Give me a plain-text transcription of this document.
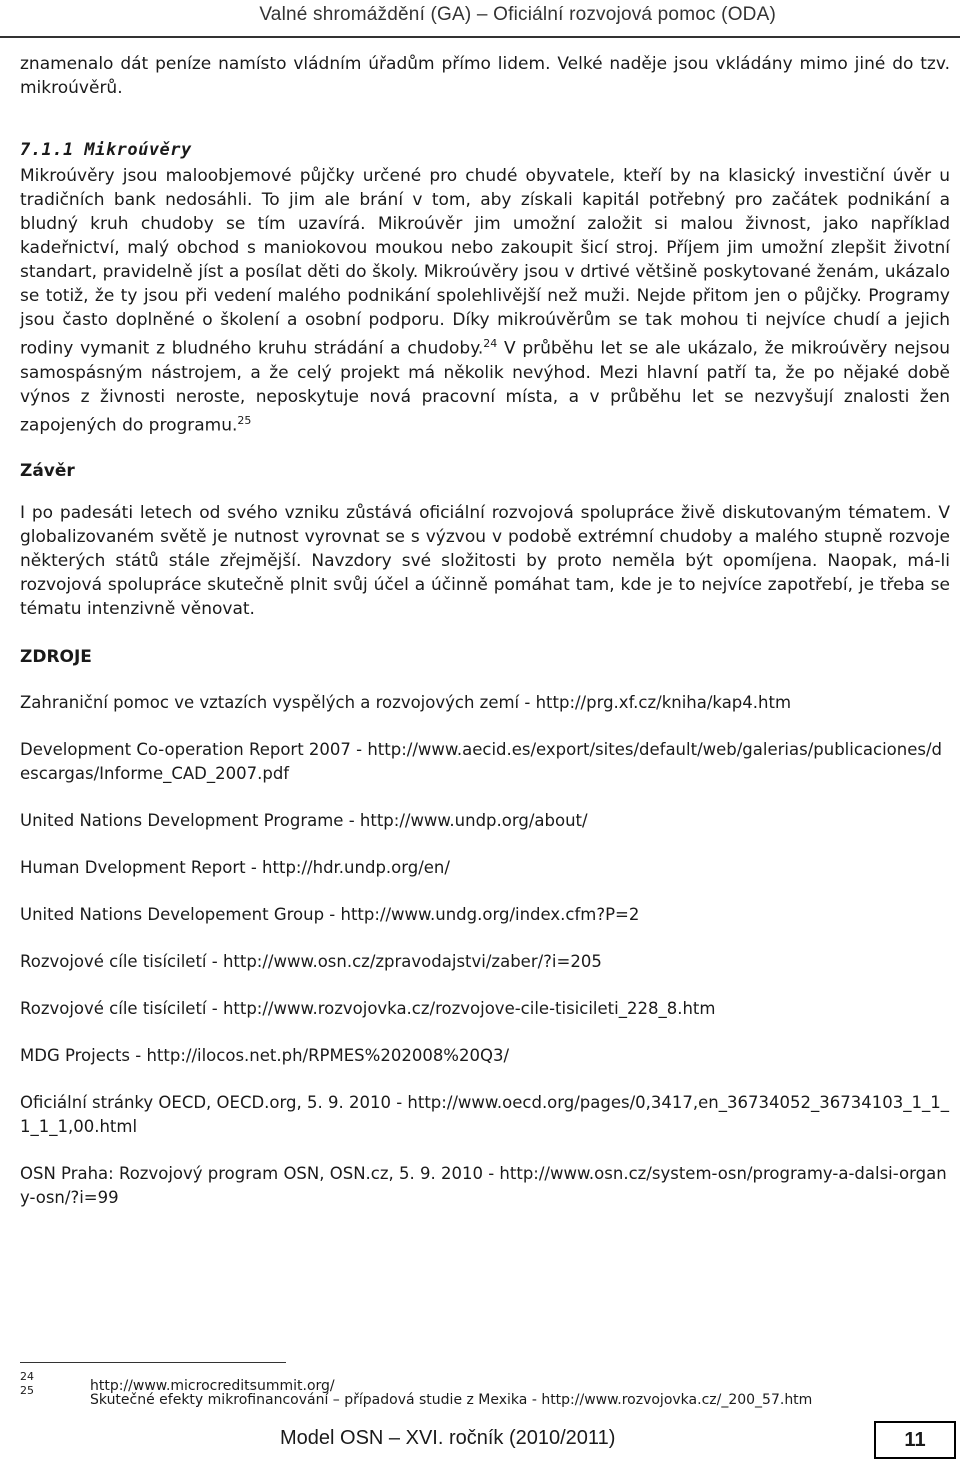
Valné shromáždění (GA) – Oficiální rozvojová pomoc (ODA)

znamenalo dát peníze namísto vládním úřadům přímo lidem. Velké naděje jsou vkládány mimo jiné do tzv. mikroúvěrů.

7.1.1 Mikroúvěry

Mikroúvěry jsou maloobjemové půjčky určené pro chudé obyvatele, kteří by na klasický investiční úvěr u tradičních bank nedosáhli. To jim ale brání v tom, aby získali kapitál potřebný pro začátek podnikání a bludný kruh chudoby se tím uzavírá. Mikroúvěr jim umožní založit si malou živnost, jako například kadeřnictví, malý obchod s maniokovou moukou nebo zakoupit šicí stroj. Příjem jim umožní zlepšit životní standart, pravidelně jíst a posílat děti do školy. Mikroúvěry jsou v drtivé většině poskytované ženám, ukázalo se totiž, že ty jsou při vedení malého podnikání spolehlivější než muži. Nejde přitom jen o půjčky. Programy jsou často doplněné o školení a osobní podporu. Díky mikroúvěrům se tak mohou ti nejvíce chudí a jejich rodiny vymanit z bludného kruhu strádání a chudoby.$^{24}$ V průběhu let se ale ukázalo, že mikroúvěry nejsou samospásným nástrojem, a že celý projekt má několik nevýhod. Mezi hlavní patří ta, že po nějaké době výnos z živnosti neroste, neposkytuje nová pracovní místa, a v průběhu let se nezvyšují znalosti žen zapojených do programu.$^{25}$

Závěr

I po padesáti letech od svého vzniku zůstává oficiální rozvojová spolupráce živě diskutovaným tématem. V globalizovaném světě je nutnost vyrovnat se s výzvou v podobě extrémní chudoby a malého stupně rozvoje některých států stále zřejmější. Navzdory své složitosti by proto neměla být opomíjena. Naopak, má-li rozvojová spolupráce skutečně plnit svůj účel a účinně pomáhat tam, kde je to nejvíce zapotřebí, je třeba se tématu intenzivně věnovat.

ZDROJE
Zahraniční pomoc ve vztazích vyspělých a rozvojových zemí - http://prg.xf.cz/kniha/kap4.htm
Development Co-operation Report 2007 - http://www.aecid.es/export/sites/default/web/galerias/publicaciones/descargas/Informe_CAD_2007.pdf
United Nations Development Programe - http://www.undp.org/about/
Human Dvelopment Report - http://hdr.undp.org/en/
United Nations Developement Group - http://www.undg.org/index.cfm?P=2
Rozvojové cíle tisíciletí - http://www.osn.cz/zpravodajstvi/zaber/?i=205
Rozvojové cíle tisíciletí - http://www.rozvojovka.cz/rozvojove-cile-tisicileti_228_8.htm
MDG Projects - http://ilocos.net.ph/RPMES%202008%20Q3/
Oficiální stránky OECD, OECD.org, 5. 9. 2010 - http://www.oecd.org/pages/0,3417,en_36734052_36734103_1_1_1_1_1,00.html
OSN Praha: Rozvojový program OSN, OSN.cz, 5. 9. 2010 - http://www.osn.cz/system-osn/programy-a-dalsi-organy-osn/?i=99
24
25	http://www.microcreditsummit.org/
Skutečné efekty mikrofinancování – případová studie z Mexika - http://www.rozvojovka.cz/_200_57.htm
Model OSN – XVI. ročník (2010/2011)	11
